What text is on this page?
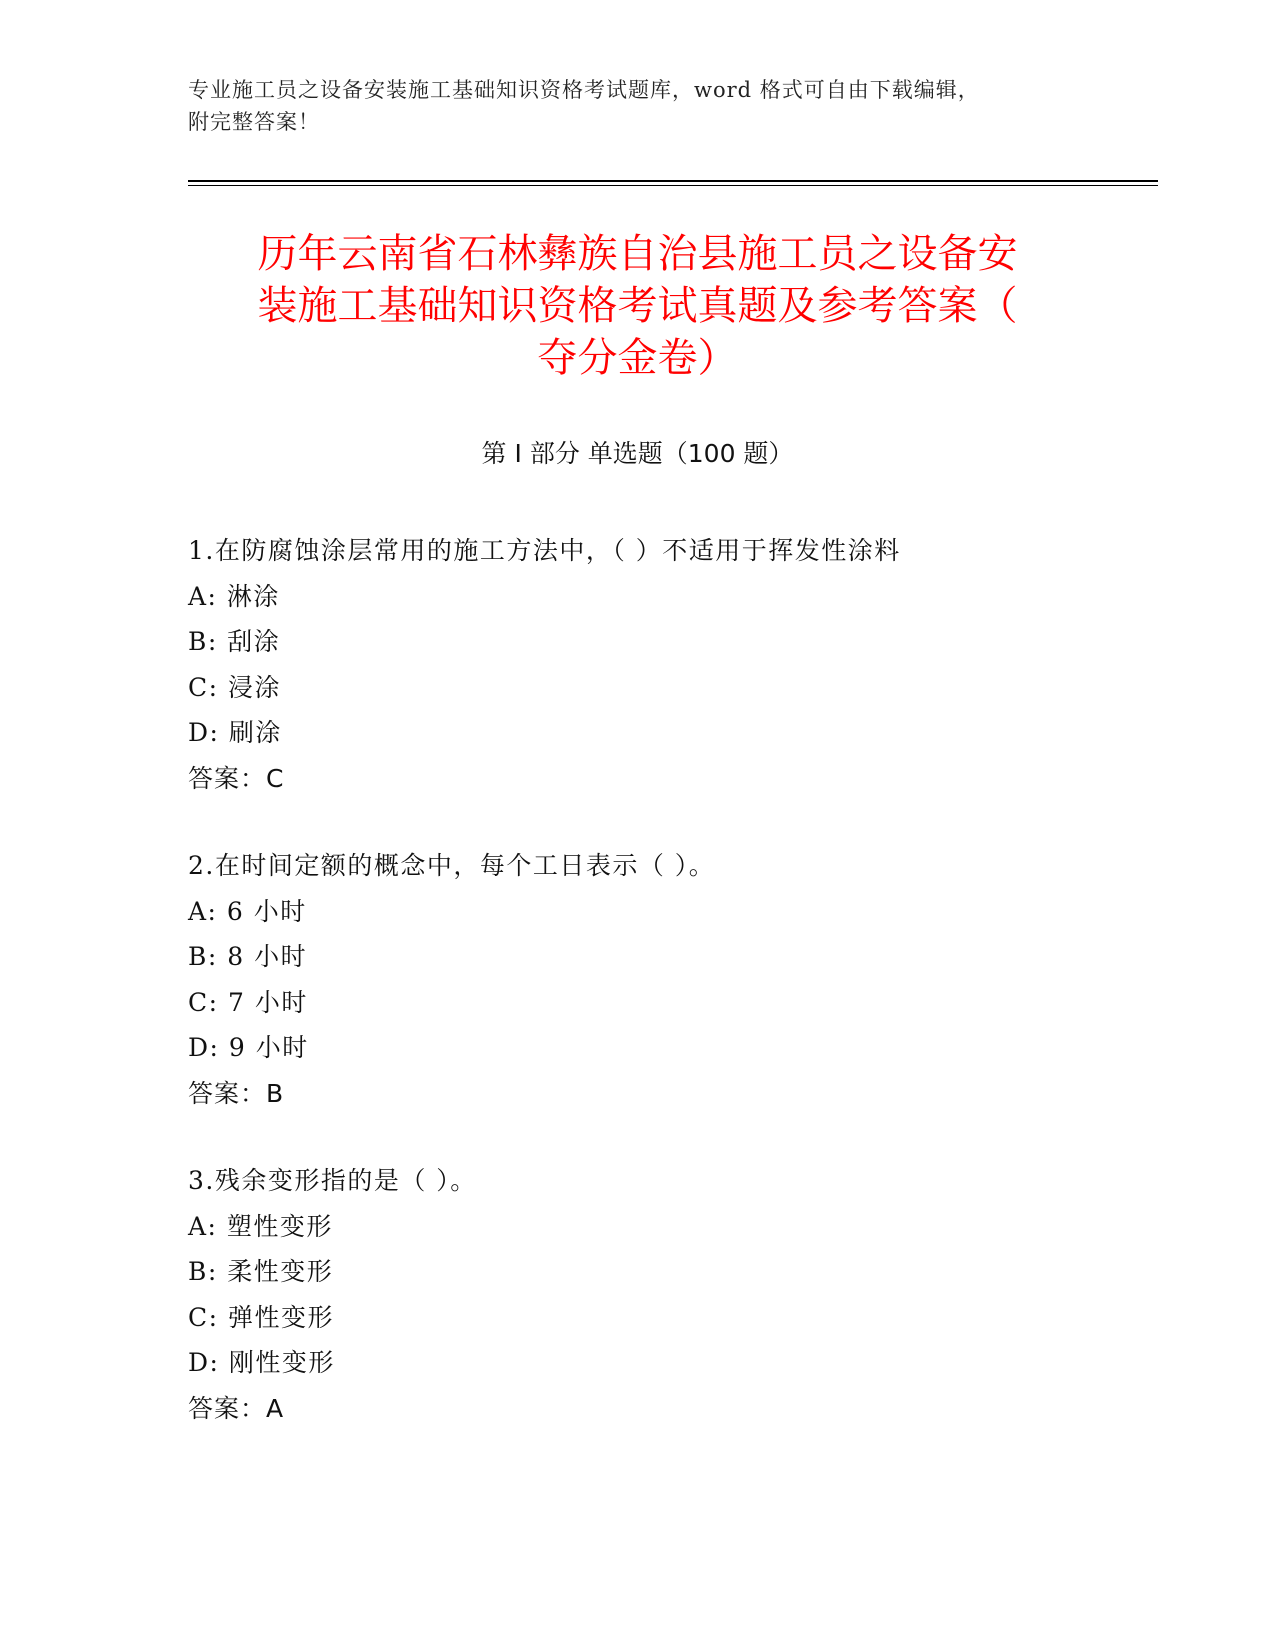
专业施工员之设备安装施工基础知识资格考试题库，word 格式可自由下载编辑，
附完整答案！
历年云南省石林彝族自治县施工员之设备安
装施工基础知识资格考试真题及参考答案（
夺分金卷）
第 I 部分 单选题（100 题）
1.在防腐蚀涂层常用的施工方法中，（ ）不适用于挥发性涂料
A: 淋涂
B: 刮涂
C: 浸涂
D: 刷涂
答案：C
2.在时间定额的概念中，每个工日表示（ ）。
A: 6 小时
B: 8 小时
C: 7 小时
D: 9 小时
答案：B
3.残余变形指的是（ ）。
A: 塑性变形
B: 柔性变形
C: 弹性变形
D: 刚性变形
答案：A
